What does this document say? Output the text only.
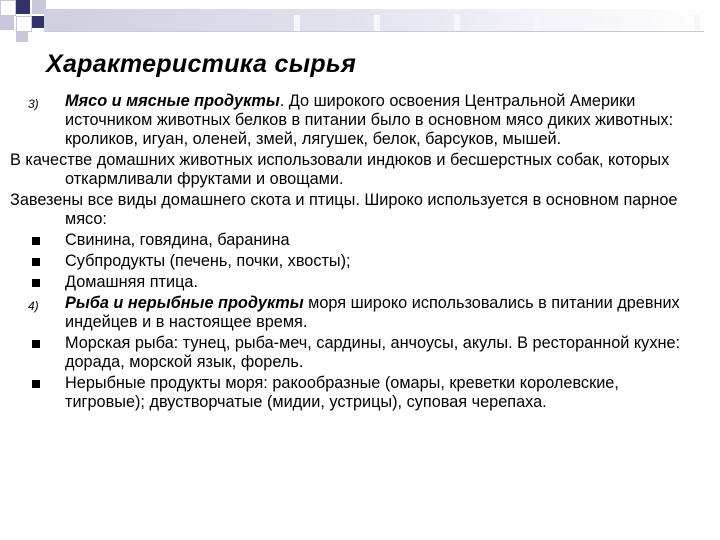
Характеристика сырья

3) Мясо и мясные продукты. До широкого освоения Центральной Америки источником животных белков в питании было в основном мясо диких животных: кроликов, игуан, оленей, змей, лягушек, белок, барсуков, мышей.

В качестве домашних животных использовали индюков и бесшерстных собак, которых откармливали фруктами и овощами.

Завезены все виды домашнего скота и птицы. Широко используется в основном парное мясо:

Свинина, говядина, баранина

Субпродукты (печень, почки, хвосты);

Домашняя птица.

4) Рыба и нерыбные продукты моря широко использовались в питании древних индейцев и в настоящее время.

Морская рыба: тунец, рыба-меч, сардины, анчоусы, акулы. В ресторанной кухне: дорада, морской язык, форель.

Нерыбные продукты моря: ракообразные (омары, креветки королевские, тигровые); двустворчатые (мидии, устрицы), суповая черепаха.
